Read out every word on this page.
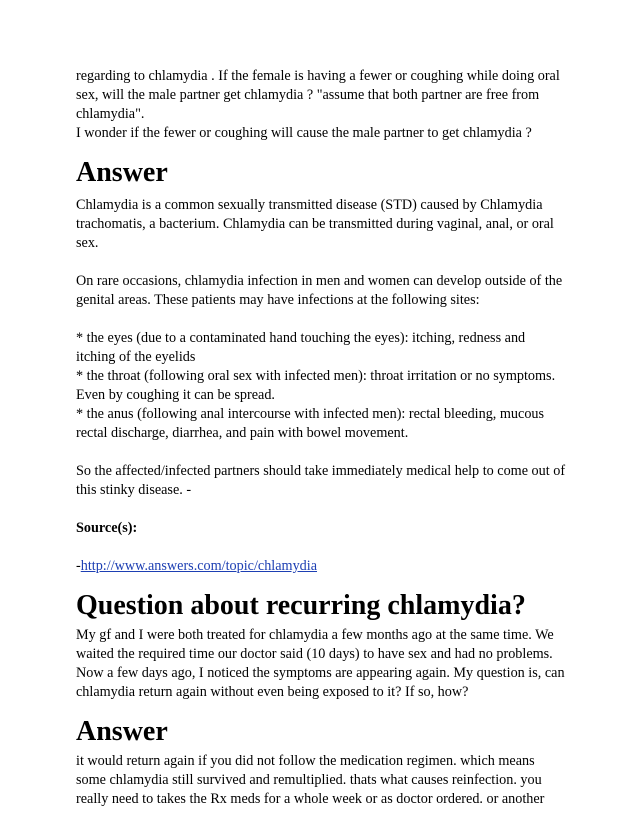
regarding to chlamydia . If the female is having a fewer or coughing while doing oral
sex, will the male partner get chlamydia ? "assume that both partner are free from
chlamydia".
I wonder if the fewer or coughing will cause the male partner to get chlamydia ?

Answer

Chlamydia is a common sexually transmitted disease (STD) caused by Chlamydia
trachomatis, a bacterium. Chlamydia can be transmitted during vaginal, anal, or oral
sex.

On rare occasions, chlamydia infection in men and women can develop outside of the
genital areas. These patients may have infections at the following sites:

* the eyes (due to a contaminated hand touching the eyes): itching, redness and
itching of the eyelids
* the throat (following oral sex with infected men): throat irritation or no symptoms.
Even by coughing it can be spread.
* the anus (following anal intercourse with infected men): rectal bleeding, mucous
rectal discharge, diarrhea, and pain with bowel movement.

So the affected/infected partners should take immediately medical help to come out of
this stinky disease. -

Source(s):

-http://www.answers.com/topic/chlamydia

Question about recurring chlamydia?

My gf and I were both treated for chlamydia a few months ago at the same time. We
waited the required time our doctor said (10 days) to have sex and had no problems.
Now a few days ago, I noticed the symptoms are appearing again. My question is, can
chlamydia return again without even being exposed to it? If so, how?

Answer

it would return again if you did not follow the medication regimen. which means
some chlamydia still survived and remultiplied. thats what causes reinfection. you
really need to takes the Rx meds for a whole week or as doctor ordered. or another
